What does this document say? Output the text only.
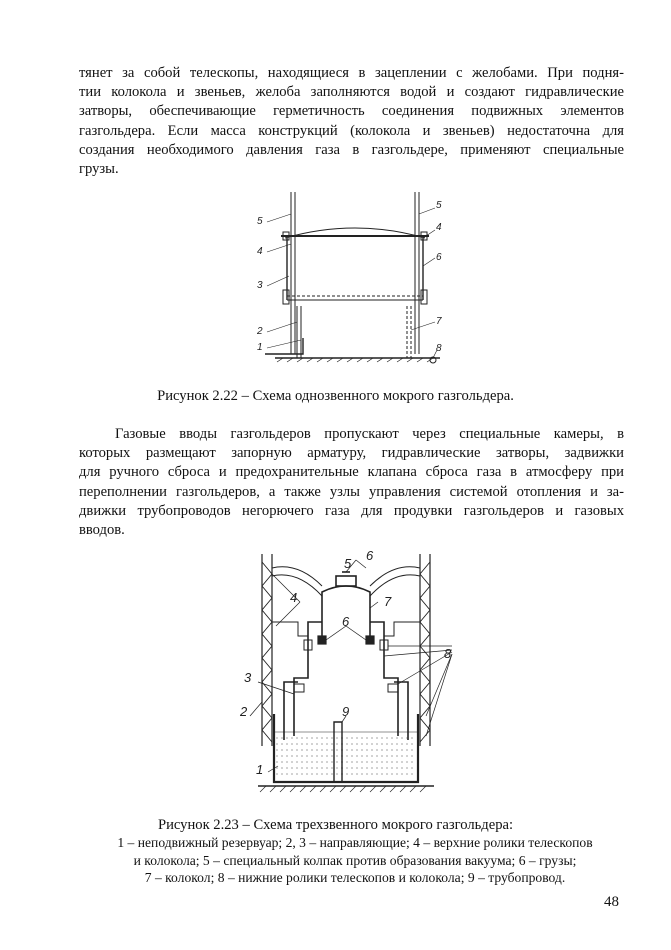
тянет за собой телескопы, находящиеся в зацеплении с желобами. При подня-
тии колокола и звеньев, желоба заполняются водой и создают гидравлические
затворы, обеспечивающие герметичность соединения подвижных элементов
газгольдера. Если масса конструкций (колокола и звеньев) недостаточна для
создания необходимого давления газа в газгольдере, применяют специальные
грузы.
5
4
3
2
1
5
4
6
7
8

Рисунок 2.22 – Схема однозвенного мокрого газгольдера.

Газовые вводы газгольдеров пропускают через специальные камеры, в
которых размещают запорную арматуру, гидравлические затворы, задвижки
для ручного сброса и предохранительные клапана сброса газа в атмосферу при
переполнении газгольдеров, а также узлы управления системой отопления и за-
движки трубопроводов негорючего газа для продувки газгольдеров и газовых
вводов.
1
2
3
4
5
6
6
7
8
9

Рисунок 2.23 – Схема трехзвенного мокрого газгольдера:

1 – неподвижный резервуар; 2, 3 – направляющие; 4 – верхние ролики телескопов
и колокола; 5 – специальный колпак против образования вакуума; 6 – грузы;
7 – колокол; 8 – нижние ролики телескопов и колокола; 9 – трубопровод.

48
